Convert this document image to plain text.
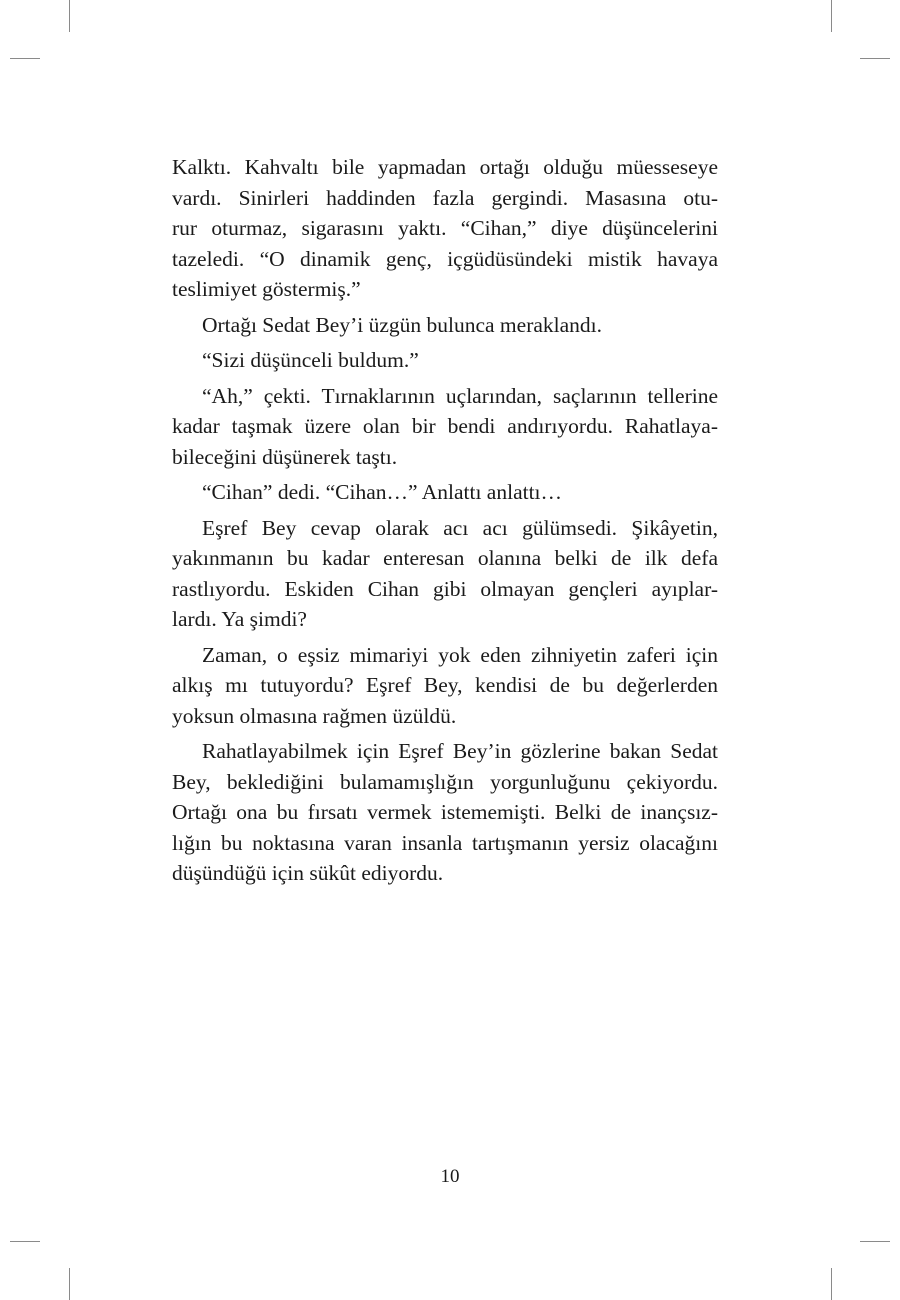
Kalktı. Kahvaltı bile yapmadan ortağı olduğu müesseseye
vardı. Sinirleri haddinden fazla gergindi. Masasına otu-
rur oturmaz, sigarasını yaktı. “Cihan,” diye düşüncelerini
tazeledi. “O dinamik genç, içgüdüsündeki mistik havaya
teslimiyet göstermiş.”
Ortağı Sedat Bey’i üzgün bulunca meraklandı.
“Sizi düşünceli buldum.”
“Ah,” çekti. Tırnaklarının uçlarından, saçlarının tellerine
kadar taşmak üzere olan bir bendi andırıyordu. Rahatlaya-
bileceğini düşünerek taştı.
“Cihan” dedi. “Cihan…” Anlattı anlattı…
Eşref Bey cevap olarak acı acı gülümsedi. Şikâyetin,
yakınmanın bu kadar enteresan olanına belki de ilk defa
rastlıyordu. Eskiden Cihan gibi olmayan gençleri ayıplar-
lardı. Ya şimdi?
Zaman, o eşsiz mimariyi yok eden zihniyetin zaferi için
alkış mı tutuyordu? Eşref Bey, kendisi de bu değerlerden
yoksun olmasına rağmen üzüldü.
Rahatlayabilmek için Eşref Bey’in gözlerine bakan Sedat
Bey, beklediğini bulamamışlığın yorgunluğunu çekiyordu.
Ortağı ona bu fırsatı vermek istememişti. Belki de inançsız-
lığın bu noktasına varan insanla tartışmanın yersiz olacağını
düşündüğü için sükût ediyordu.
10
